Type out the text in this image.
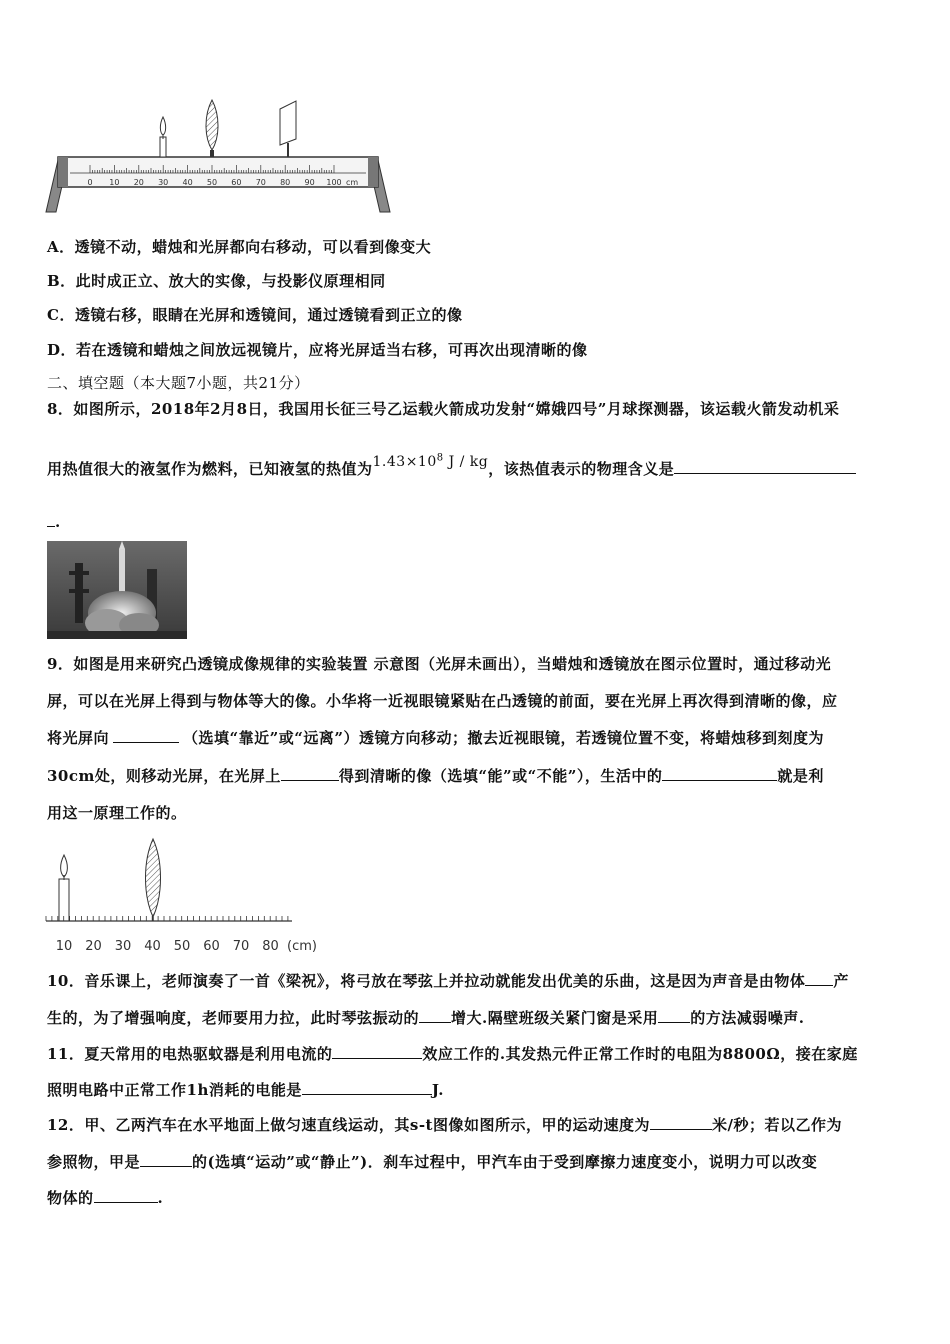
0 10 20 30 40 50 60 70 80 90 100 cm
A．透镜不动，蜡烛和光屏都向右移动，可以看到像变大
B．此时成正立、放大的实像，与投影仪原理相同
C．透镜右移，眼睛在光屏和透镜间，通过透镜看到正立的像
D．若在透镜和蜡烛之间放远视镜片，应将光屏适当右移，可再次出现清晰的像
二、填空题（本大题7小题，共21分）
8．如图所示，2018年2月8日，我国用长征三号乙运载火箭成功发射“嫦娥四号”月球探测器，该运载火箭发动机采
用热值很大的液氢作为燃料，已知液氢的热值为$1.43\times 10^8$ J / kg，该热值表示的物理含义是
.
9．如图是用来研究凸透镜成像规律的实验装置 示意图（光屏未画出），当蜡烛和透镜放在图示位置时，通过移动光
屏，可以在光屏上得到与物体等大的像。小华将一近视眼镜紧贴在凸透镜的前面，要在光屏上再次得到清晰的像，应
将光屏向	（选填“靠近”或“远离”）透镜方向移动；撤去近视眼镜，若透镜位置不变，将蜡烛移到刻度为
30cm处，则移动光屏，在光屏上	得到清晰的像（选填“能”或“不能”），生活中的	就是利
用这一原理工作的。
10 20 30 40 50 60 70 80 (cm)
10．音乐课上，老师演奏了一首《梁祝》，将弓放在琴弦上并拉动就能发出优美的乐曲，这是因为声音是由物体 产
生的，为了增强响度，老师要用力拉，此时琴弦振动的 增大.隔壁班级关紧门窗是采用 的方法减弱噪声.
11．夏天常用的电热驱蚊器是利用电流的	效应工作的.其发热元件正常工作时的电阻为8800Ω，接在家庭
照明电路中正常工作1h消耗的电能是	J.
12．甲、乙两汽车在水平地面上做匀速直线运动，其s-t图像如图所示，甲的运动速度为	米/秒；若以乙作为
参照物，甲是	的(选填“运动”或“静止”)．刹车过程中，甲汽车由于受到摩擦力速度变小，说明力可以改变
物体的	.
